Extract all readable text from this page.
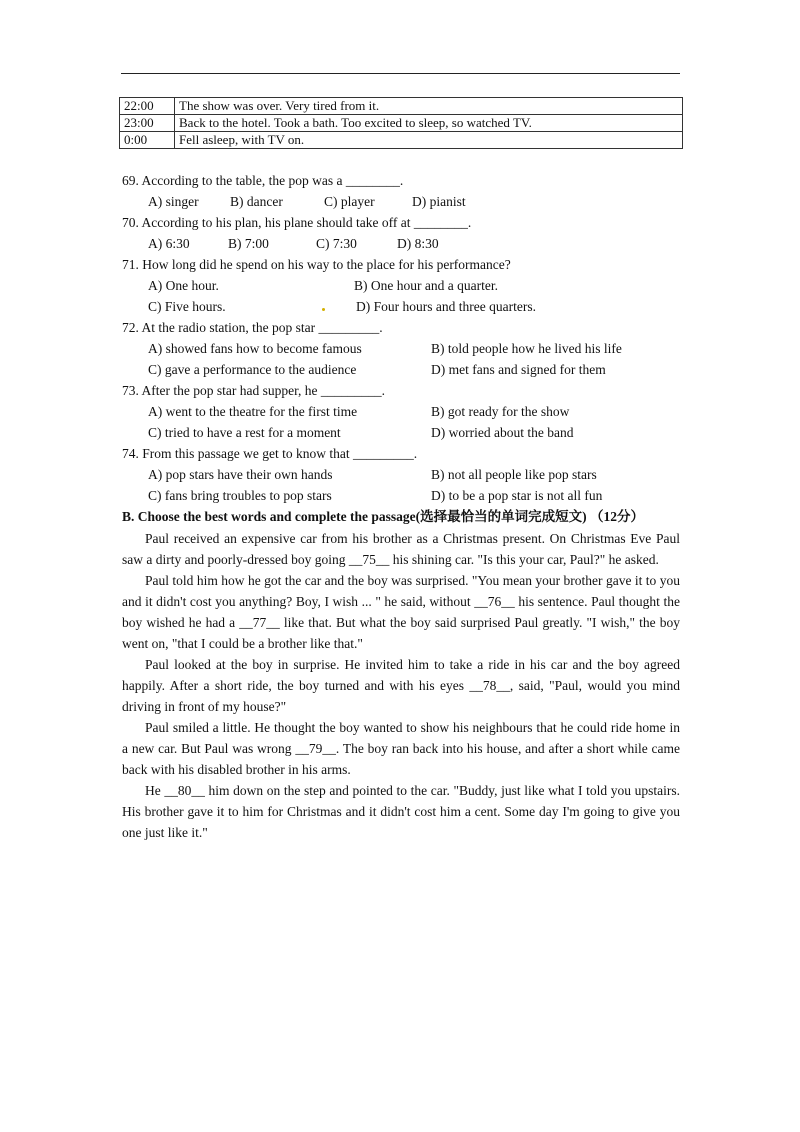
22:00	The show was over. Very tired from it.
23:00	Back to the hotel. Took a bath. Too excited to sleep, so watched TV.
0:00	Fell asleep, with TV on.
69. According to the table, the pop was a ________.
A) singer B) dancer	C) player	D) pianist
70. According to his plan, his plane should take off at ________.
A) 6:30	B) 7:00	C) 7:30	D) 8:30
71. How long did he spend on his way to the place for his performance?
A) One hour.	B) One hour and a quarter.
C) Five hours.	D) Four hours and three quarters.
72. At the radio station, the pop star _________.
A) showed fans how to become famous	B) told people how he lived his life
C) gave a performance to the audience	D) met fans and signed for them
73. After the pop star had supper, he _________.
A) went to the theatre for the first time	B) got ready for the show
C) tried to have a rest for a moment	D) worried about the band
74. From this passage we get to know that _________.
A) pop stars have their own hands	B) not all people like pop stars
C) fans bring troubles to pop stars	D) to be a pop star is not all fun
B. Choose the best words and complete the passage(选择最恰当的单词完成短文) （12分）

Paul received an expensive car from his brother as a Christmas present. On Christmas Eve Paul saw a dirty and poorly-dressed boy going __75__ his shining car. "Is this your car, Paul?" he asked.

Paul told him how he got the car and the boy was surprised. "You mean your brother gave it to you and it didn't cost you anything? Boy, I wish ... " he said, without __76__ his sentence. Paul thought the boy wished he had a __77__ like that. But what the boy said surprised Paul greatly. "I wish," the boy went on, "that I could be a brother like that."

Paul looked at the boy in surprise. He invited him to take a ride in his car and the boy agreed happily. After a short ride, the boy turned and with his eyes __78__, said, "Paul, would you mind driving in front of my house?"

Paul smiled a little. He thought the boy wanted to show his neighbours that he could ride home in a new car. But Paul was wrong __79__. The boy ran back into his house, and after a short while came back with his disabled brother in his arms.

He __80__ him down on the step and pointed to the car. "Buddy, just like what I told you upstairs. His brother gave it to him for Christmas and it didn't cost him a cent. Some day I'm going to give you one just like it."
